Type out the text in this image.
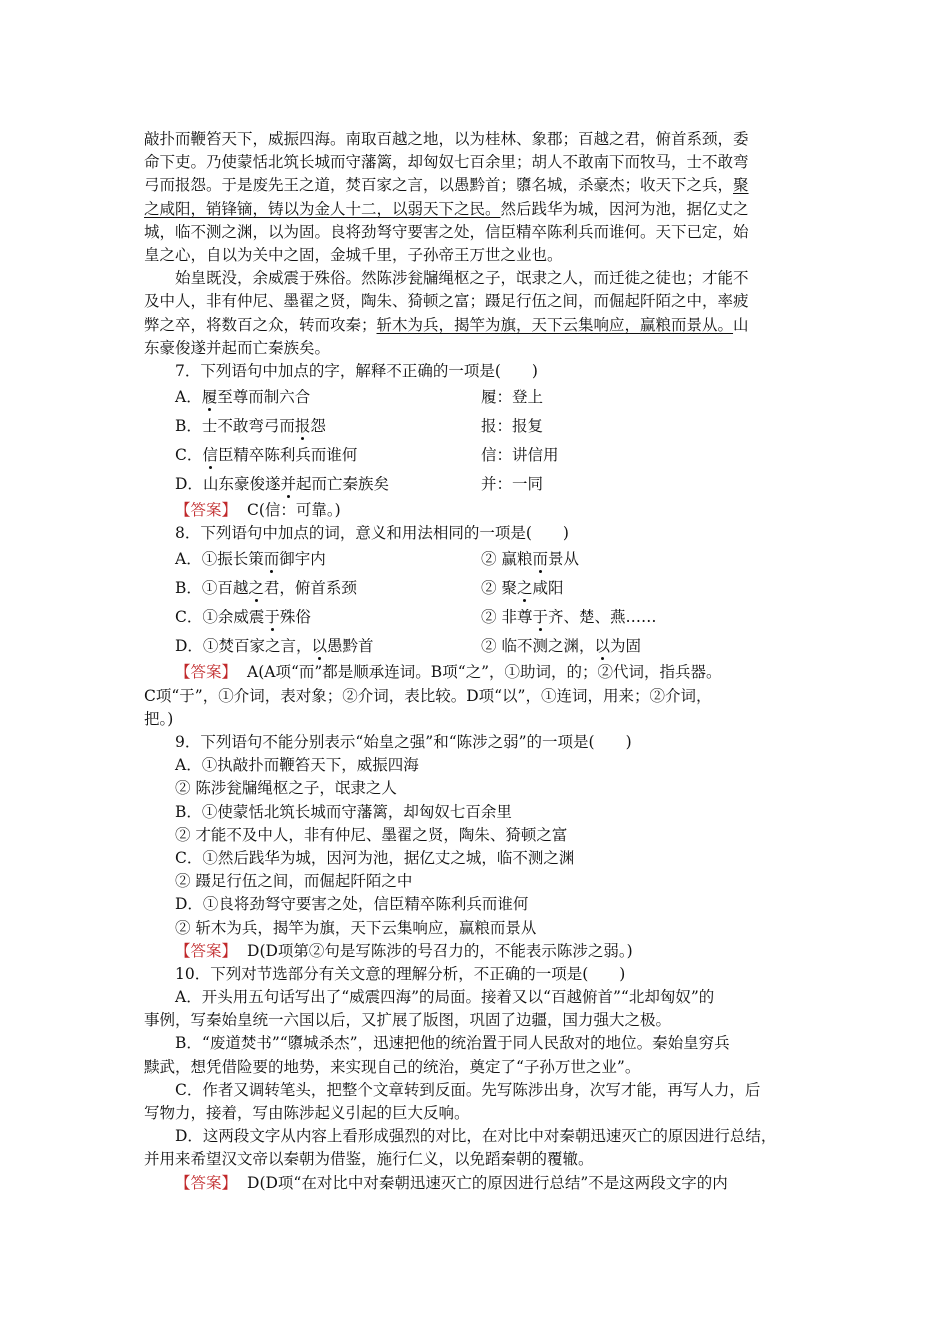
敲扑而鞭笞天下，威振四海。南取百越之地，以为桂林、象郡；百越之君，俯首系颈，委
命下吏。乃使蒙恬北筑长城而守藩篱，却匈奴七百余里；胡人不敢南下而牧马，士不敢弯
弓而报怨。于是废先王之道，焚百家之言，以愚黔首；隳名城，杀豪杰；收天下之兵，聚
之咸阳，销锋镝，铸以为金人十二，以弱天下之民。然后践华为城，因河为池，据亿丈之
城，临不测之渊，以为固。良将劲弩守要害之处，信臣精卒陈利兵而谁何。天下已定，始
皇之心，自以为关中之固，金城千里，子孙帝王万世之业也。
始皇既没，余威震于殊俗。然陈涉瓮牖绳枢之子，氓隶之人，而迁徙之徒也；才能不
及中人，非有仲尼、墨翟之贤，陶朱、猗顿之富；蹑足行伍之间，而倔起阡陌之中，率疲
弊之卒，将数百之众，转而攻秦；斩木为兵，揭竿为旗，天下云集响应，赢粮而景从。山
东豪俊遂并起而亡秦族矣。
7．下列语句中加点的字，解释不正确的一项是(　　)
A．履至尊而制六合	履：登上
B．士不敢弯弓而报怨	报：报复
C．信臣精卒陈利兵而谁何	信：讲信用
D．山东豪俊遂并起而亡秦族矣	并：一同
【答案】 C(信：可靠。)
8．下列语句中加点的词，意义和用法相同的一项是(　　)
A．①振长策而御宇内	② 赢粮而景从
B．①百越之君，俯首系颈	② 聚之咸阳
C．①余威震于殊俗	② 非尊于齐、楚、燕……
D．①焚百家之言，以愚黔首	② 临不测之渊，以为固
【答案】 A(A项“而”都是顺承连词。B项“之”，①助词，的；②代词，指兵器。
C项“于”，①介词，表对象；②介词，表比较。D项“以”，①连词，用来；②介词，
把。)
9．下列语句不能分别表示“始皇之强”和“陈涉之弱”的一项是(　　)
A．①执敲扑而鞭笞天下，威振四海
② 陈涉瓮牖绳枢之子，氓隶之人
B．①使蒙恬北筑长城而守藩篱，却匈奴七百余里
② 才能不及中人，非有仲尼、墨翟之贤，陶朱、猗顿之富
C．①然后践华为城，因河为池，据亿丈之城，临不测之渊
② 蹑足行伍之间，而倔起阡陌之中
D．①良将劲弩守要害之处，信臣精卒陈利兵而谁何
② 斩木为兵，揭竿为旗，天下云集响应，赢粮而景从
【答案】 D(D项第②句是写陈涉的号召力的，不能表示陈涉之弱。)
10．下列对节选部分有关文意的理解分析，不正确的一项是(　　)
A．开头用五句话写出了“威震四海”的局面。接着又以“百越俯首”“北却匈奴”的
事例，写秦始皇统一六国以后，又扩展了版图，巩固了边疆，国力强大之极。
B．“废道焚书”“隳城杀杰”，迅速把他的统治置于同人民敌对的地位。秦始皇穷兵
黩武，想凭借险要的地势，来实现自己的统治，奠定了“子孙万世之业”。
C．作者又调转笔头，把整个文章转到反面。先写陈涉出身，次写才能，再写人力，后
写物力，接着，写由陈涉起义引起的巨大反响。
D．这两段文字从内容上看形成强烈的对比，在对比中对秦朝迅速灭亡的原因进行总结，
并用来希望汉文帝以秦朝为借鉴，施行仁义，以免蹈秦朝的覆辙。
【答案】 D(D项“在对比中对秦朝迅速灭亡的原因进行总结”不是这两段文字的内
